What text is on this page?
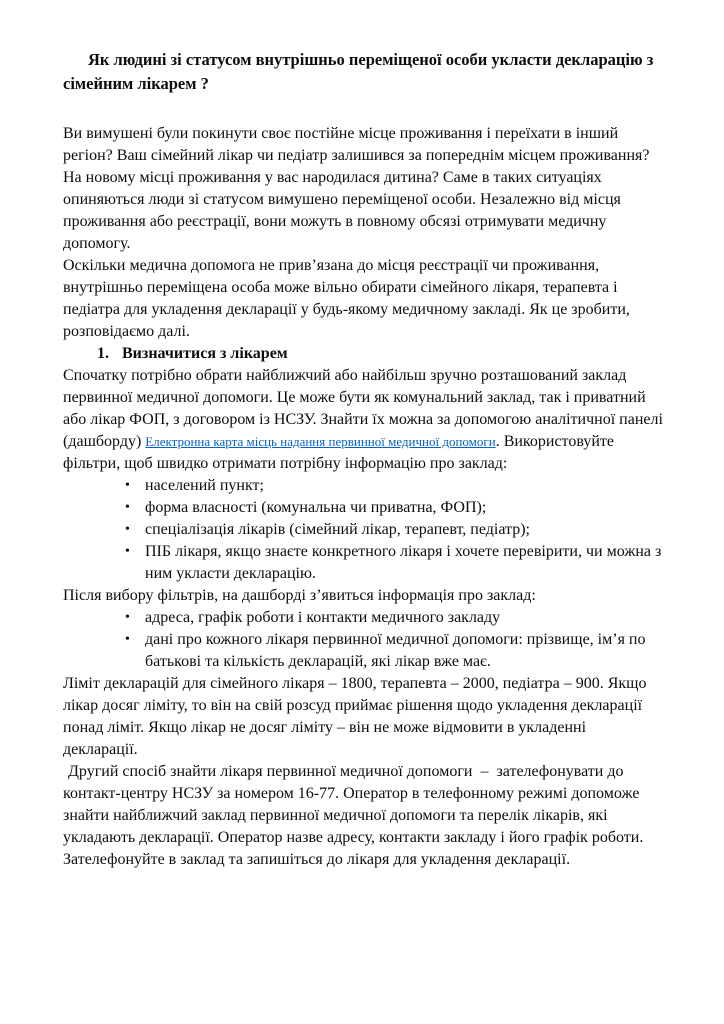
Як людині зі статусом внутрішньо переміщеної особи укласти декларацію з сімейним лікарем ?

Ви вимушені були покинути своє постійне місце проживання і переїхати в інший регіон? Ваш сімейний лікар чи педіатр залишився за попереднім місцем проживання?  На новому місці проживання у вас народилася дитина? Саме в таких ситуаціях опиняються люди зі статусом вимушено переміщеної особи. Незалежно від місця проживання або реєстрації, вони можуть в повному обсязі отримувати медичну допомогу.

Оскільки медична допомога не прив’язана до місця реєстрації чи проживання, внутрішньо переміщена особа може вільно обирати сімейного лікаря, терапевта і педіатра для укладення декларації у будь-якому медичному закладі. Як це зробити, розповідаємо далі.

1. Визначитися з лікарем

Спочатку потрібно обрати найближчий або найбільш зручно розташований заклад первинної медичної допомоги. Це може бути як комунальний заклад, так і приватний або лікар ФОП, з договором із НСЗУ. Знайти їх можна за допомогою аналітичної панелі (дашборду) Електронна карта місць надання первинної медичної допомоги. Використовуйте фільтри, щоб швидко отримати потрібну інформацію про заклад:

• населений пункт;
• форма власності (комунальна чи приватна, ФОП);
• спеціалізація лікарів (сімейний лікар, терапевт, педіатр);
• ПІБ лікаря, якщо знаєте конкретного лікаря і хочете перевірити, чи можна з ним укласти декларацію.

Після вибору фільтрів, на дашборді з’явиться інформація про заклад:

• адреса, графік роботи і контакти медичного закладу
• дані про кожного лікаря первинної медичної допомоги: прізвище, ім’я по батькові та кількість декларацій, які лікар вже має.

Ліміт декларацій для сімейного лікаря – 1800, терапевта – 2000, педіатра – 900. Якщо лікар досяг ліміту, то він на свій розсуд приймає рішення щодо укладення декларації понад ліміт. Якщо лікар не досяг ліміту – він не може відмовити в укладенні декларації.

Другий спосіб знайти лікаря первинної медичної допомоги  –  зателефонувати до контакт-центру НСЗУ за номером 16-77. Оператор в телефонному режимі допоможе знайти найближчий заклад первинної медичної допомоги та перелік лікарів, які укладають декларації. Оператор назве адресу, контакти закладу і його графік роботи. Зателефонуйте в заклад та запишіться до лікаря для укладення декларації.
